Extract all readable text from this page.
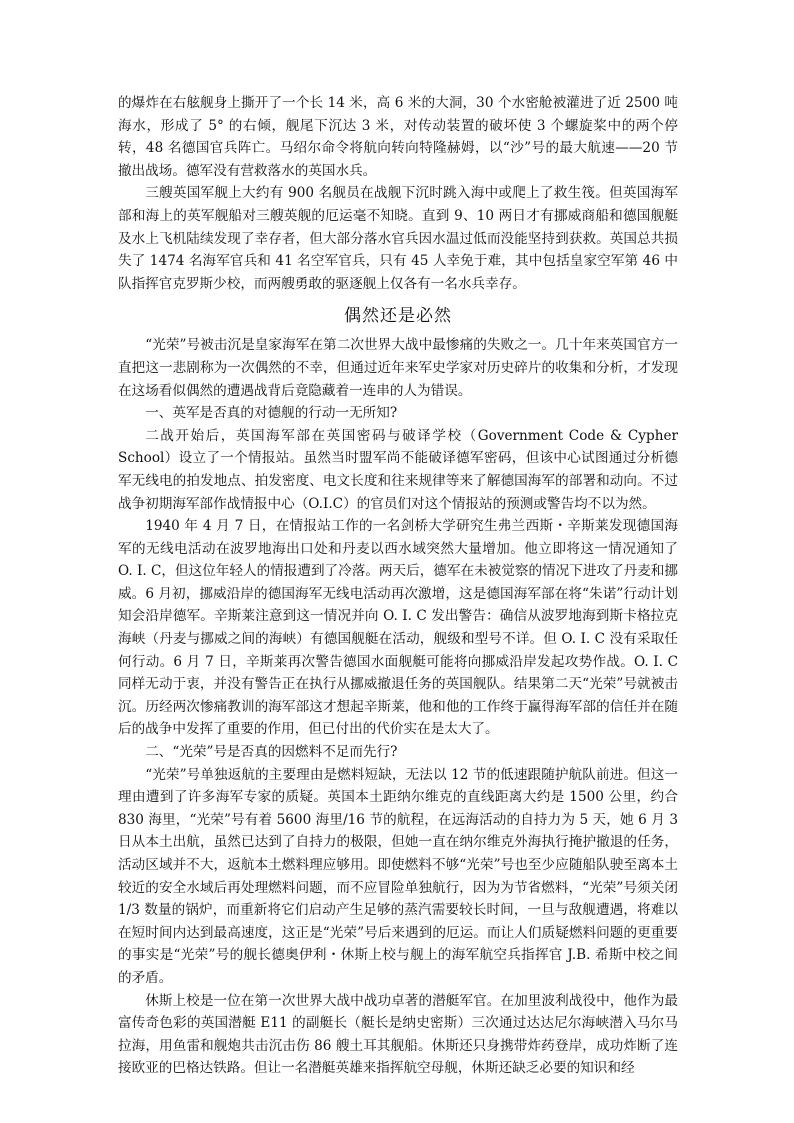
的爆炸在右舷舰身上撕开了一个长 14 米，高 6 米的大洞，30 个水密舱被灌进了近 2500 吨海水，形成了 5° 的右倾，舰尾下沉达 3 米，对传动装置的破坏使 3 个螺旋桨中的两个停转，48 名德国官兵阵亡。马绍尔命令将航向转向特隆赫姆，以“沙”号的最大航速——20 节撤出战场。德军没有营救落水的英国水兵。

三艘英国军舰上大约有 900 名舰员在战舰下沉时跳入海中或爬上了救生筏。但英国海军部和海上的英军舰船对三艘英舰的厄运毫不知晓。直到 9、10 两日才有挪威商船和德国舰艇及水上飞机陆续发现了幸存者，但大部分落水官兵因水温过低而没能坚持到获救。英国总共损失了 1474 名海军官兵和 41 名空军官兵，只有 45 人幸免于难，其中包括皇家空军第 46 中队指挥官克罗斯少校，而两艘勇敢的驱逐舰上仅各有一名水兵幸存。

偶然还是必然

“光荣”号被击沉是皇家海军在第二次世界大战中最惨痛的失败之一。几十年来英国官方一直把这一悲剧称为一次偶然的不幸，但通过近年来军史学家对历史碎片的收集和分析，才发现在这场看似偶然的遭遇战背后竟隐藏着一连串的人为错误。

一、英军是否真的对德舰的行动一无所知?

二战开始后，英国海军部在英国密码与破译学校（Government Code & Cypher School）设立了一个情报站。虽然当时盟军尚不能破译德军密码，但该中心试图通过分析德军无线电的拍发地点、拍发密度、电文长度和往来规律等来了解德国海军的部署和动向。不过战争初期海军部作战情报中心（O.I.C）的官员们对这个情报站的预测或警告均不以为然。

1940 年 4 月 7 日，在情报站工作的一名剑桥大学研究生弗兰西斯・辛斯莱发现德国海军的无线电活动在波罗地海出口处和丹麦以西水域突然大量增加。他立即将这一情况通知了 O. I. C，但这位年轻人的情报遭到了冷落。两天后，德军在未被觉察的情况下进攻了丹麦和挪威。6 月初，挪威沿岸的德国海军无线电活动再次激增，这是德国海军部在将“朱诺”行动计划知会沿岸德军。辛斯莱注意到这一情况并向 O. I. C 发出警告：确信从波罗地海到斯卡格拉克海峡（丹麦与挪威之间的海峡）有德国舰艇在活动，舰级和型号不详。但 O. I. C 没有采取任何行动。6 月 7 日，辛斯莱再次警告德国水面舰艇可能将向挪威沿岸发起攻势作战。O. I. C 同样无动于衷，并没有警告正在执行从挪威撤退任务的英国舰队。结果第二天“光荣”号就被击沉。历经两次惨痛教训的海军部这才想起辛斯莱，他和他的工作终于赢得海军部的信任并在随后的战争中发挥了重要的作用，但已付出的代价实在是太大了。

二、“光荣”号是否真的因燃料不足而先行?

“光荣”号单独返航的主要理由是燃料短缺，无法以 12 节的低速跟随护航队前进。但这一理由遭到了许多海军专家的质疑。英国本土距纳尔维克的直线距离大约是 1500 公里，约合 830 海里，“光荣”号有着 5600 海里/16 节的航程，在远海活动的自持力为 5 天，她 6 月 3 日从本土出航，虽然已达到了自持力的极限，但她一直在纳尔维克外海执行掩护撤退的任务，活动区域并不大，返航本土燃料理应够用。即使燃料不够“光荣”号也至少应随船队驶至离本土较近的安全水域后再处理燃料问题，而不应冒险单独航行，因为为节省燃料，“光荣”号须关闭 1/3 数量的锅炉，而重新将它们启动产生足够的蒸汽需要较长时间，一旦与敌舰遭遇，将难以在短时间内达到最高速度，这正是“光荣”号后来遇到的厄运。而让人们质疑燃料问题的更重要的事实是“光荣”号的舰长德奥伊利・休斯上校与舰上的海军航空兵指挥官 J.B. 希斯中校之间的矛盾。

休斯上校是一位在第一次世界大战中战功卓著的潜艇军官。在加里波利战役中，他作为最富传奇色彩的英国潜艇 E11 的副艇长（艇长是纳史密斯）三次通过达达尼尔海峡潜入马尔马拉海，用鱼雷和舰炮共击沉击伤 86 艘土耳其舰船。休斯还只身携带炸药登岸，成功炸断了连接欧亚的巴格达铁路。但让一名潜艇英雄来指挥航空母舰，休斯还缺乏必要的知识和经
